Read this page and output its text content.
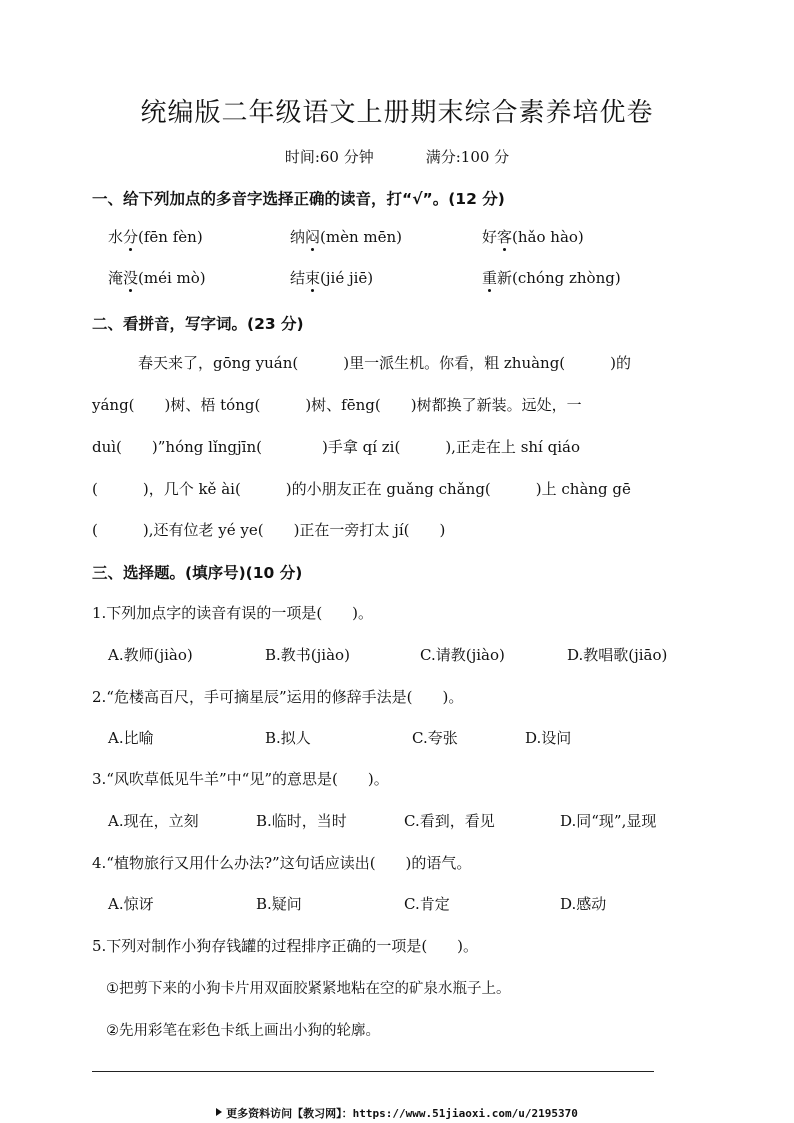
统编版二年级语文上册期末综合素养培优卷
时间:60 分钟	满分:100 分
一、给下列加点的多音字选择正确的读音，打“√”。(12 分)
水分(fēn fèn)	纳闷(mèn mēn)	好客(hǎo hào)
淹没(méi mò)	结束(jié jiē)	重新(chóng zhòng)
二、看拼音，写字词。(23 分)
春天来了，gōng yuán(　　　)里一派生机。你看，粗 zhuàng(　　　)的
yáng(　　)树、梧 tóng(　　　)树、fēng(　　)树都换了新装。远处，一
duì(　　)”hóng lǐngjīn(　　　　)手拿 qí zi(　　　),正走在上 shí qiáo
(　　　)，几个 kě ài(　　　)的小朋友正在 guǎng chǎng(　　　)上 chàng gē
(　　　),还有位老 yé ye(　　)正在一旁打太 jí(　　)
三、选择题。(填序号)(10 分)
1.下列加点字的读音有误的一项是(　　)。
A.教师(jiào)	B.教书(jiào)	C.请教(jiào)	D.教唱歌(jiāo)
2.“危楼高百尺，手可摘星辰”运用的修辞手法是(　　)。
A.比喻	B.拟人	C.夸张	D.设问
3.“风吹草低见牛羊”中“见”的意思是(　　)。
A.现在，立刻	B.临时，当时	C.看到，看见	D.同“现”,显现
4.“植物旅行又用什么办法?”这句话应读出(　　)的语气。
A.惊讶	B.疑问	C.肯定	D.感动
5.下列对制作小狗存钱罐的过程排序正确的一项是(　　)。
①把剪下来的小狗卡片用双面胶紧紧地粘在空的矿泉水瓶子上。
②先用彩笔在彩色卡纸上画出小狗的轮廓。
更多资料访问【教习网】：https://www.51jiaoxi.com/u/2195370
